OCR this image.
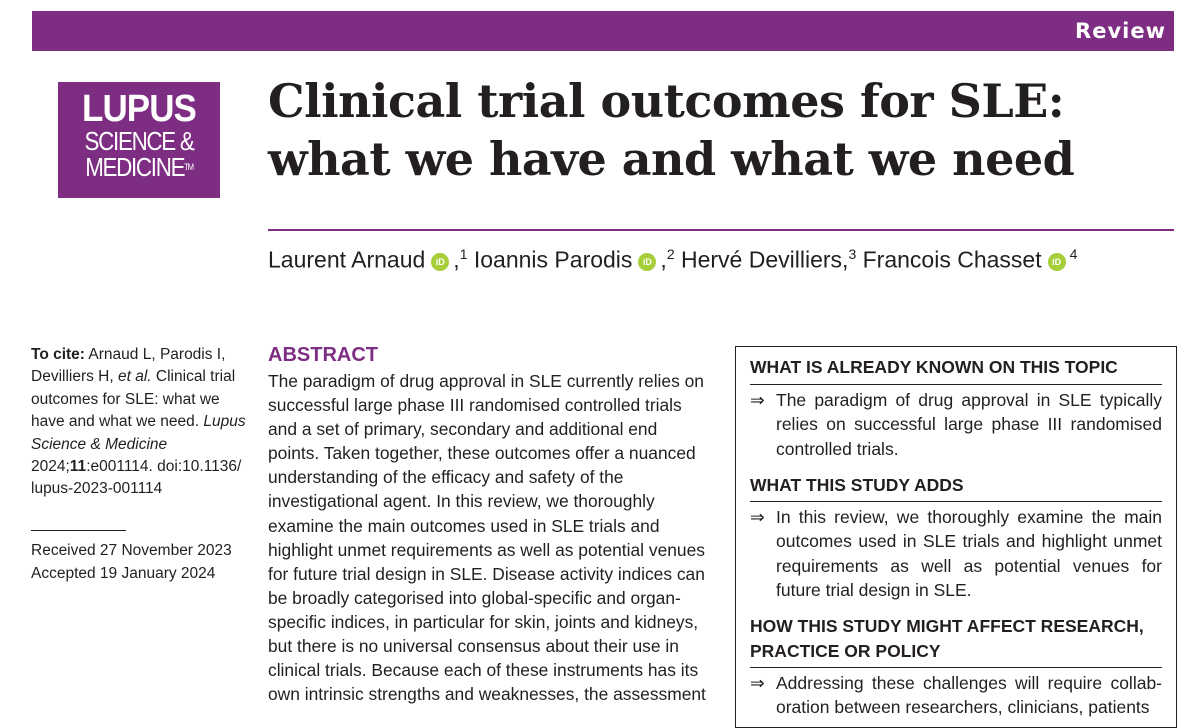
Review
LUPUS
SCIENCE &
MEDICINE™
Clinical trial outcomes for SLE: what we have and what we need
Laurent Arnaud iD ,$^1$ Ioannis Parodis iD ,$^2$ Hervé Devilliers,$^3$ Francois Chasset iD $^4$
To cite: Arnaud L, Parodis I, Devilliers H, et al. Clinical trial outcomes for SLE: what we have and what we need. Lupus Science & Medicine 2024;11:e001114. doi:10.1136/ lupus-2023-001114
Received 27 November 2023
Accepted 19 January 2024
ABSTRACT

The paradigm of drug approval in SLE currently relies on successful large phase III randomised controlled trials and a set of primary, secondary and additional end points. Taken together, these outcomes offer a nuanced understanding of the efficacy and safety of the investigational agent. In this review, we thoroughly examine the main outcomes used in SLE trials and highlight unmet requirements as well as potential venues for future trial design in SLE. Disease activity indices can be broadly categorised into global-specific and organ-specific indices, in particular for skin, joints and kidneys, but there is no universal consensus about their use in clinical trials. Because each of these instruments has its own intrinsic strengths and weaknesses, the assessment

WHAT IS ALREADY KNOWN ON THIS TOPIC
⇒ The paradigm of drug approval in SLE typically relies on successful large phase III randomised controlled trials.
WHAT THIS STUDY ADDS
⇒ In this review, we thoroughly examine the main outcomes used in SLE trials and highlight unmet requirements as well as potential venues for future trial design in SLE.
HOW THIS STUDY MIGHT AFFECT RESEARCH, PRACTICE OR POLICY
⇒ Addressing these challenges will require collab-oration between researchers, clinicians, patients
